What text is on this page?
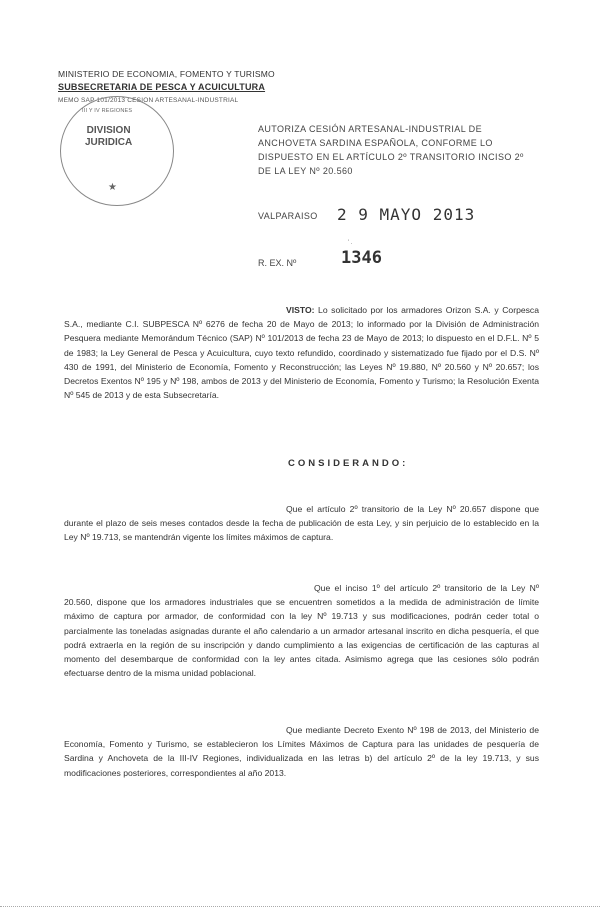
MINISTERIO DE ECONOMIA, FOMENTO Y TURISMO
SUBSECRETARIA DE PESCA Y ACUICULTURA
MEMO SAP 101/2013 CESION ARTESANAL-INDUSTRIAL
III Y IV REGIONES
DIVISION
JURIDICA
★
AUTORIZA CESIÓN ARTESANAL-INDUSTRIAL DE ANCHOVETA SARDINA ESPAÑOLA, CONFORME LO DISPUESTO EN EL ARTÍCULO 2º TRANSITORIO INCISO 2º DE LA LEY Nº 20.560
VALPARAISO 2 9 MAYO 2013
' .
R. EX. Nº	1346
VISTO: Lo solicitado por los armadores Orizon S.A. y Corpesca S.A., mediante C.I. SUBPESCA Nº 6276 de fecha 20 de Mayo de 2013; lo informado por la División de Administración Pesquera mediante Memorándum Técnico (SAP) Nº 101/2013 de fecha 23 de Mayo de 2013; lo dispuesto en el D.F.L. Nº 5 de 1983; la Ley General de Pesca y Acuicultura, cuyo texto refundido, coordinado y sistematizado fue fijado por el D.S. Nº 430 de 1991, del Ministerio de Economía, Fomento y Reconstrucción; las Leyes Nº 19.880, Nº 20.560 y Nº 20.657; los Decretos Exentos Nº 195 y Nº 198, ambos de 2013 y del Ministerio de Economía, Fomento y Turismo; la Resolución Exenta Nº 545 de 2013 y de esta Subsecretaría.
CONSIDERANDO:
Que el artículo 2º transitorio de la Ley Nº 20.657 dispone que durante el plazo de seis meses contados desde la fecha de publicación de esta Ley, y sin perjuicio de lo establecido en la Ley Nº 19.713, se mantendrán vigente los límites máximos de captura.
Que el inciso 1º del artículo 2º transitorio de la Ley Nº 20.560, dispone que los armadores industriales que se encuentren sometidos a la medida de administración de límite máximo de captura por armador, de conformidad con la ley Nº 19.713 y sus modificaciones, podrán ceder total o parcialmente las toneladas asignadas durante el año calendario a un armador artesanal inscrito en dicha pesquería, el que podrá extraerla en la región de su inscripción y dando cumplimiento a las exigencias de certificación de las capturas al momento del desembarque de conformidad con la ley antes citada. Asimismo agrega que las cesiones sólo podrán efectuarse dentro de la misma unidad poblacional.
Que mediante Decreto Exento Nº 198 de 2013, del Ministerio de Economía, Fomento y Turismo, se establecieron los Límites Máximos de Captura para las unidades de pesquería de Sardina y Anchoveta de la III-IV Regiones, individualizada en las letras b) del artículo 2º de la ley 19.713, y sus modificaciones posteriores, correspondientes al año 2013.
